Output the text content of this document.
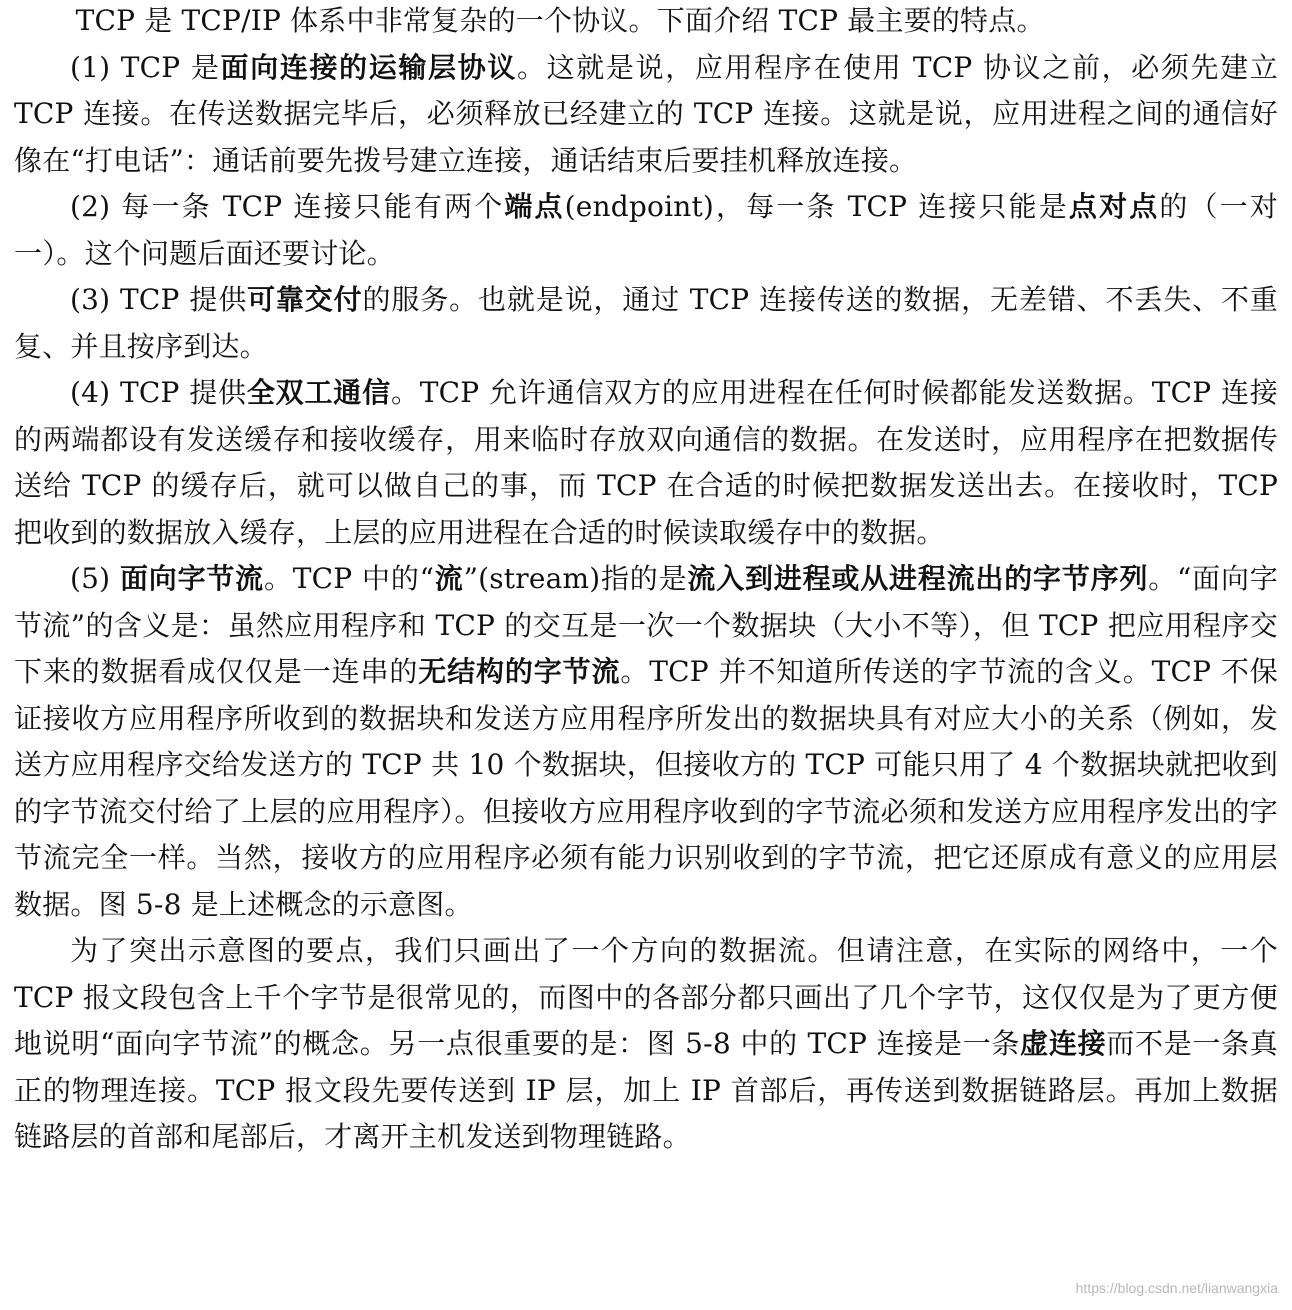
TCP 是 TCP/IP 体系中非常复杂的一个协议。下面介绍 TCP 最主要的特点。

(1) TCP 是面向连接的运输层协议。这就是说，应用程序在使用 TCP 协议之前，必须先建立 TCP 连接。在传送数据完毕后，必须释放已经建立的 TCP 连接。这就是说，应用进程之间的通信好像在“打电话”：通话前要先拨号建立连接，通话结束后要挂机释放连接。

(2) 每一条 TCP 连接只能有两个端点(endpoint)，每一条 TCP 连接只能是点对点的（一对一）。这个问题后面还要讨论。

(3) TCP 提供可靠交付的服务。也就是说，通过 TCP 连接传送的数据，无差错、不丢失、不重复、并且按序到达。

(4) TCP 提供全双工通信。TCP 允许通信双方的应用进程在任何时候都能发送数据。TCP 连接的两端都设有发送缓存和接收缓存，用来临时存放双向通信的数据。在发送时，应用程序在把数据传送给 TCP 的缓存后，就可以做自己的事，而 TCP 在合适的时候把数据发送出去。在接收时，TCP 把收到的数据放入缓存，上层的应用进程在合适的时候读取缓存中的数据。

(5) 面向字节流。TCP 中的“流”(stream)指的是流入到进程或从进程流出的字节序列。“面向字节流”的含义是：虽然应用程序和 TCP 的交互是一次一个数据块（大小不等），但 TCP 把应用程序交下来的数据看成仅仅是一连串的无结构的字节流。TCP 并不知道所传送的字节流的含义。TCP 不保证接收方应用程序所收到的数据块和发送方应用程序所发出的数据块具有对应大小的关系（例如，发送方应用程序交给发送方的 TCP 共 10 个数据块，但接收方的 TCP 可能只用了 4 个数据块就把收到的字节流交付给了上层的应用程序）。但接收方应用程序收到的字节流必须和发送方应用程序发出的字节流完全一样。当然，接收方的应用程序必须有能力识别收到的字节流，把它还原成有意义的应用层数据。图 5-8 是上述概念的示意图。

为了突出示意图的要点，我们只画出了一个方向的数据流。但请注意，在实际的网络中，一个 TCP 报文段包含上千个字节是很常见的，而图中的各部分都只画出了几个字节，这仅仅是为了更方便地说明“面向字节流”的概念。另一点很重要的是：图 5-8 中的 TCP 连接是一条虚连接而不是一条真正的物理连接。TCP 报文段先要传送到 IP 层，加上 IP 首部后，再传送到数据链路层。再加上数据链路层的首部和尾部后，才离开主机发送到物理链路。

https://blog.csdn.net/lianwangxia
